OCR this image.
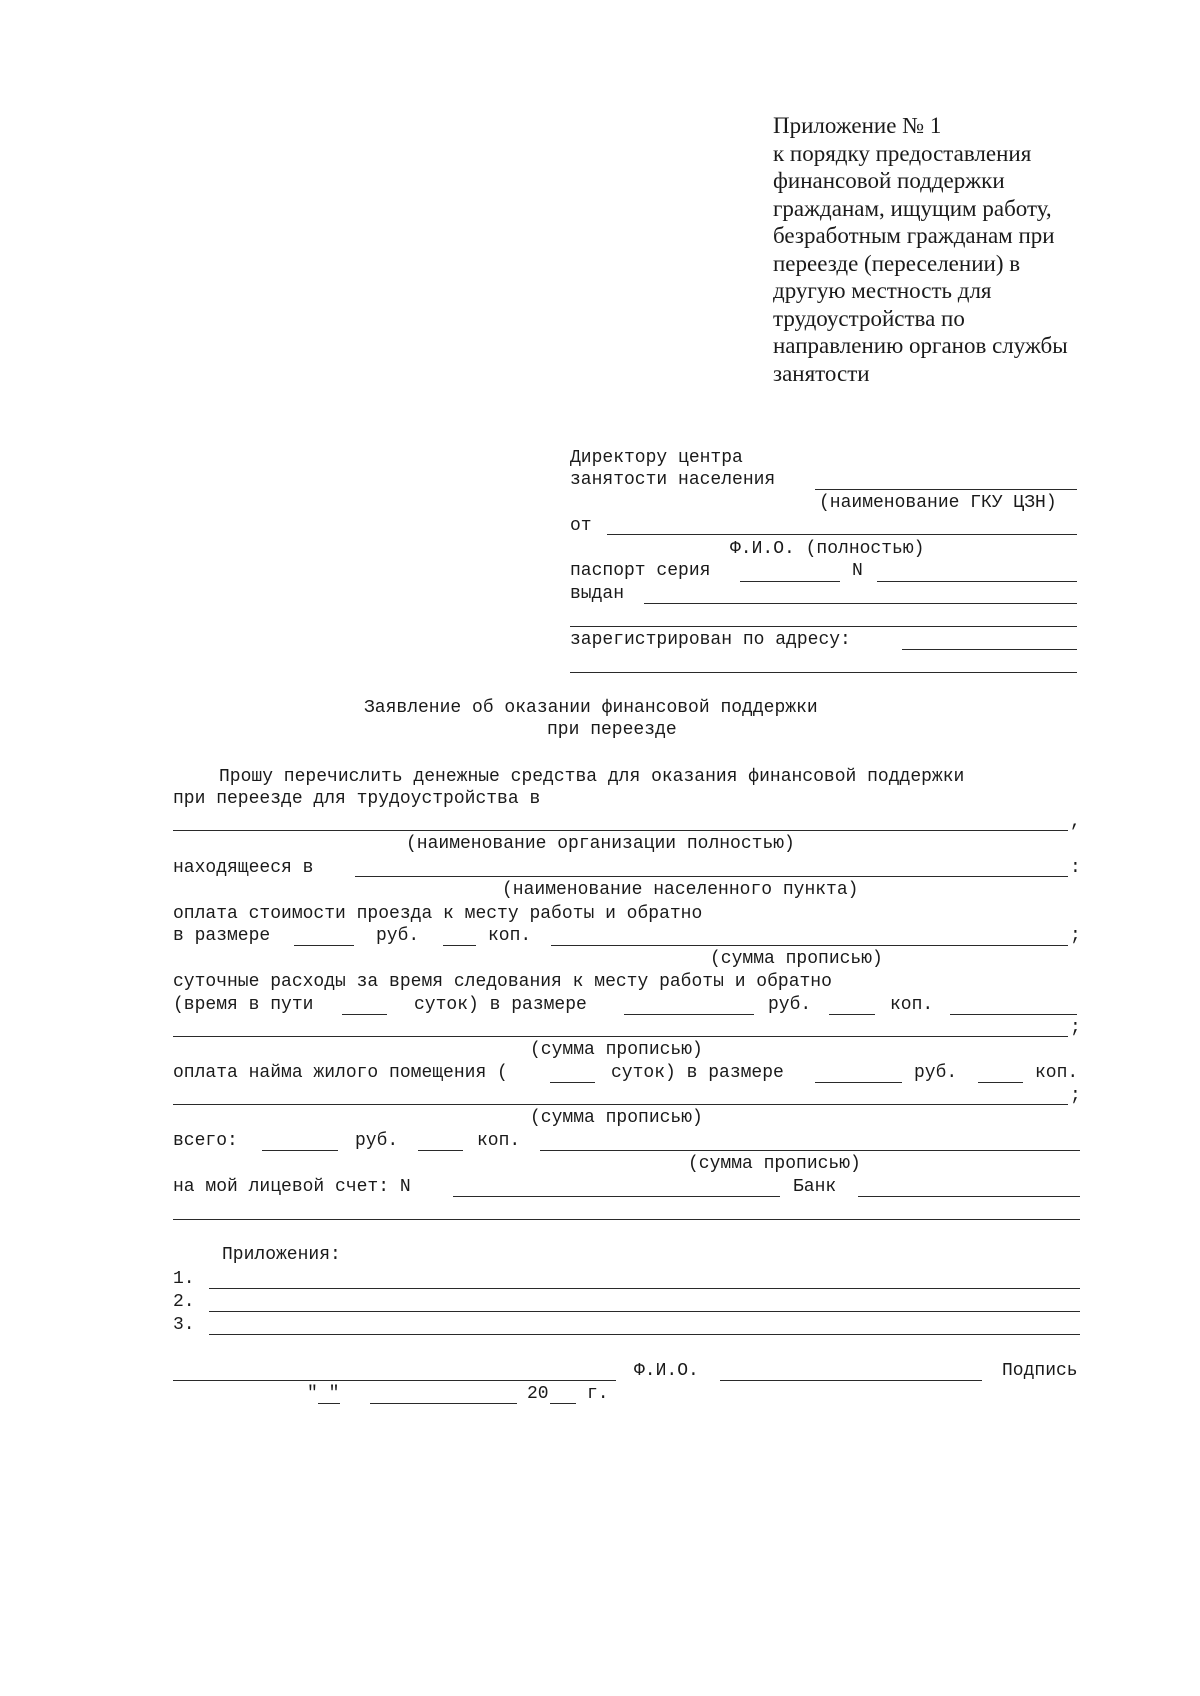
Приложение № 1
к порядку предоставления
финансовой поддержки
гражданам, ищущим работу,
безработным гражданам при
переезде (переселении) в
другую местность для
трудоустройства по
направлению органов службы
занятости
Директору центра
занятости населения
(наименование ГКУ ЦЗН)
от
Ф.И.О. (полностью)
паспорт серия	N
выдан
зарегистрирован по адресу:
Заявление об оказании финансовой поддержки
при переезде
Прошу перечислить денежные средства для оказания финансовой поддержки
при переезде для трудоустройства в
,
(наименование организации полностью)
находящееся в	:
(наименование населенного пункта)
оплата стоимости проезда к месту работы и обратно
в размере	руб.	коп.	;
(сумма прописью)
суточные расходы за время следования к месту работы и обратно
(время в пути	суток) в размере	руб.	коп.
;
(сумма прописью)
оплата найма жилого помещения (	суток) в размере	руб.	коп.
;
(сумма прописью)
всего:	руб.	коп.
(сумма прописью)
на мой лицевой счет: N	Банк
Приложения:
1.
2.
3.
Ф.И.О.	Подпись
" "	20 г.
